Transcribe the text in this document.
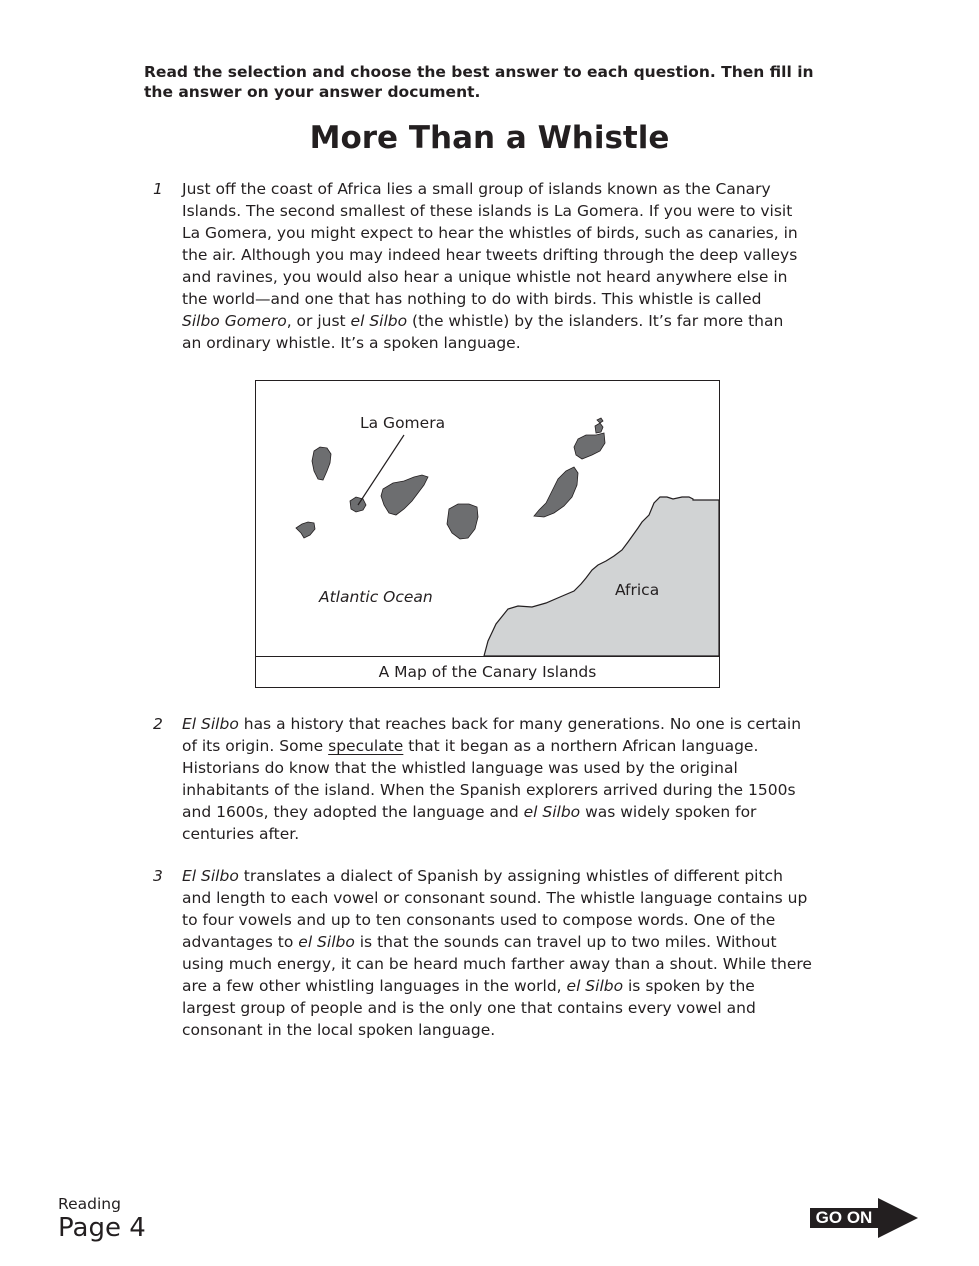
Read the selection and choose the best answer to each question. Then fill in the answer on your answer document.
More Than a Whistle
1 Just off the coast of Africa lies a small group of islands known as the Canary
Islands. The second smallest of these islands is La Gomera. If you were to visit
La Gomera, you might expect to hear the whistles of birds, such as canaries, in
the air. Although you may indeed hear tweets drifting through the deep valleys
and ravines, you would also hear a unique whistle not heard anywhere else in
the world—and one that has nothing to do with birds. This whistle is called
Silbo Gomero, or just el Silbo (the whistle) by the islanders. It’s far more than
an ordinary whistle. It’s a spoken language.
La Gomera
Africa
Atlantic Ocean
A Map of the Canary Islands
2 El Silbo has a history that reaches back for many generations. No one is certain
of its origin. Some speculate that it began as a northern African language.
Historians do know that the whistled language was used by the original
inhabitants of the island. When the Spanish explorers arrived during the 1500s
and 1600s, they adopted the language and el Silbo was widely spoken for
centuries after.
3 El Silbo translates a dialect of Spanish by assigning whistles of different pitch
and length to each vowel or consonant sound. The whistle language contains up
to four vowels and up to ten consonants used to compose words. One of the
advantages to el Silbo is that the sounds can travel up to two miles. Without
using much energy, it can be heard much farther away than a shout. While there
are a few other whistling languages in the world, el Silbo is spoken by the
largest group of people and is the only one that contains every vowel and
consonant in the local spoken language.
Reading
Page 4	GO ON
